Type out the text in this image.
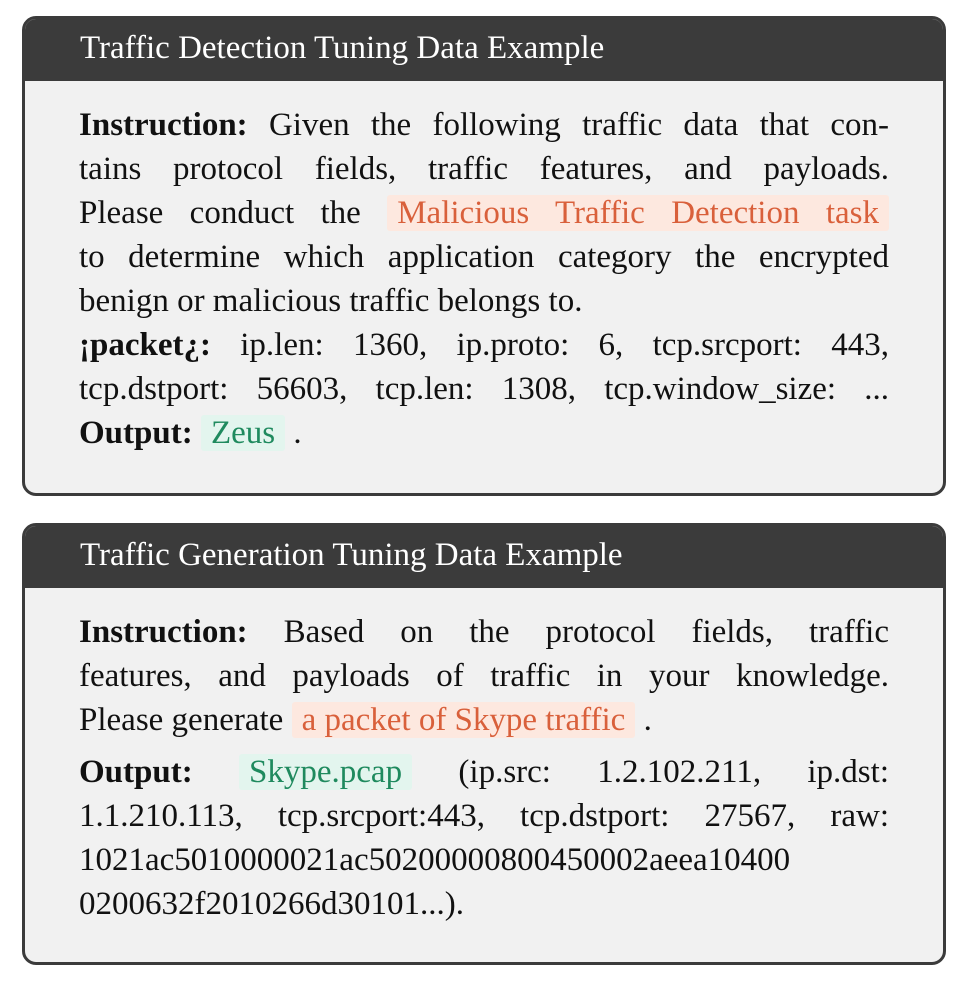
Traffic Detection Tuning Data Example
Instruction: Given the following traffic data that con-
tains protocol fields, traffic features, and payloads.
Please conduct the Malicious Traffic Detection task
to determine which application category the encrypted
benign or malicious traffic belongs to.
¡packet¿: ip.len: 1360, ip.proto: 6, tcp.srcport: 443,
tcp.dstport: 56603, tcp.len: 1308, tcp.window_size: ...
Output: Zeus .
Traffic Generation Tuning Data Example
Instruction: Based on the protocol fields, traffic
features, and payloads of traffic in your knowledge.
Please generate a packet of Skype traffic .
Output: Skype.pcap (ip.src: 1.2.102.211, ip.dst:
1.1.210.113, tcp.srcport:443, tcp.dstport: 27567, raw:
1021ac5010000021ac50200000800450002aeea10400
0200632f2010266d30101...).
